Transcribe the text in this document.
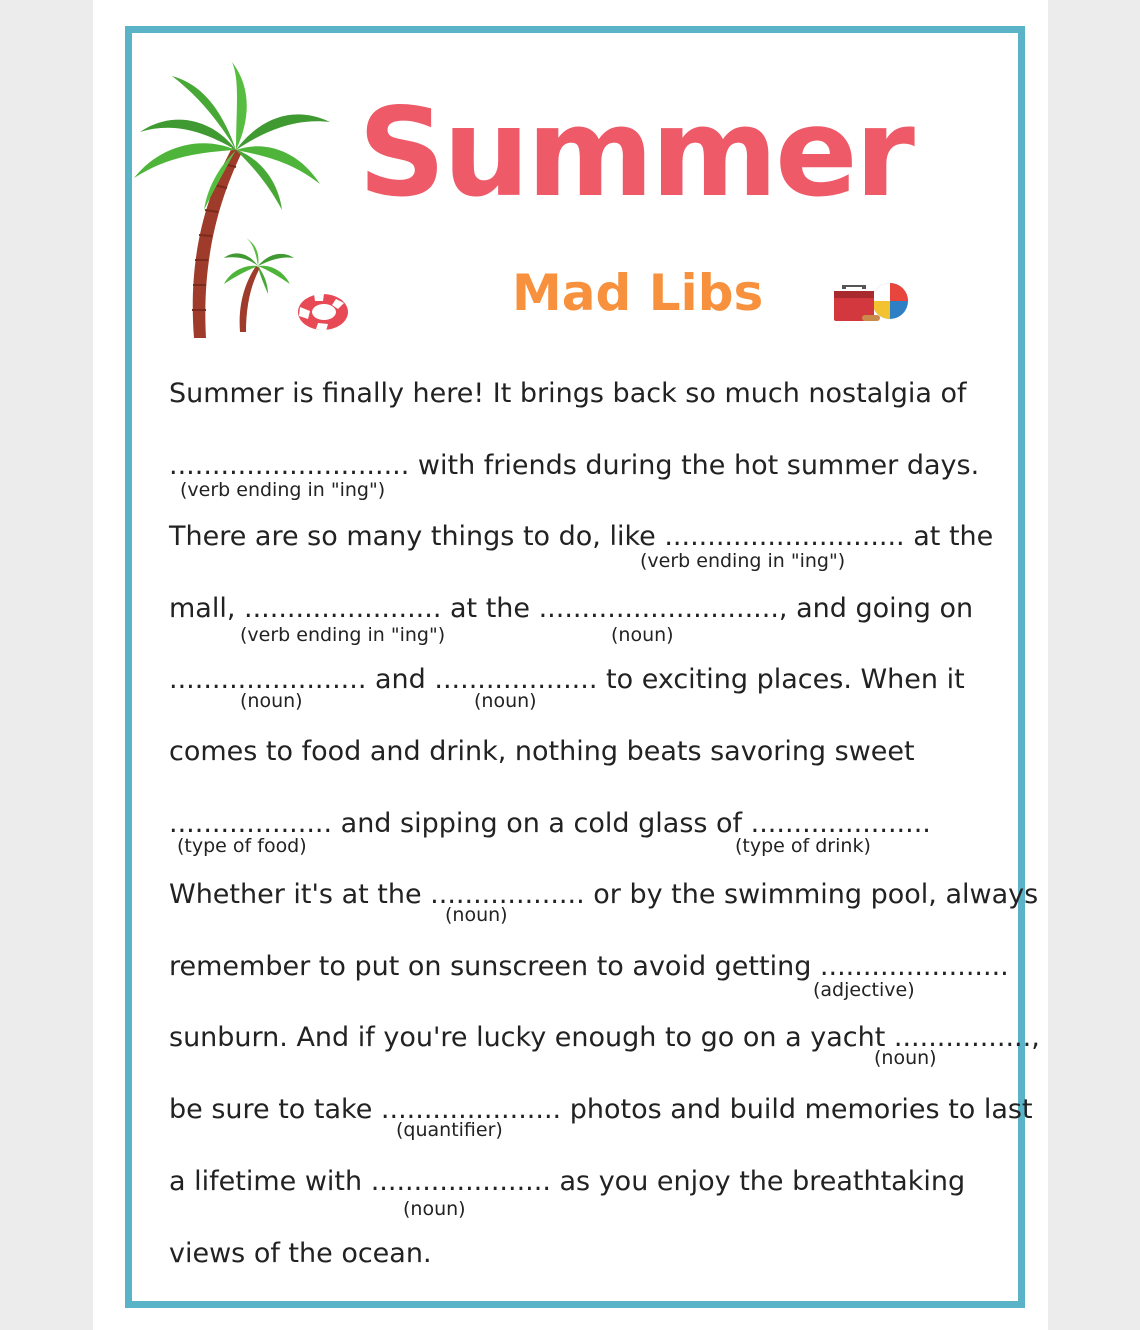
Summer
Mad Libs
Summer is finally here! It brings back so much nostalgia of
............................ with friends during the hot summer days.
(verb ending in "ing")
There are so many things to do, like ............................ at the
(verb ending in "ing")
mall, ....................... at the ............................, and going on
(verb ending in "ing")	(noun)
....................... and ................... to exciting places. When it
(noun)	(noun)
comes to food and drink, nothing beats savoring sweet
................... and sipping on a cold glass of .....................
(type of food)	(type of drink)
Whether it's at the .................. or by the swimming pool, always
(noun)
remember to put on sunscreen to avoid getting ......................
(adjective)
sunburn. And if you're lucky enough to go on a yacht ................,
(noun)
be sure to take ..................... photos and build memories to last
(quantifier)
a lifetime with ..................... as you enjoy the breathtaking
(noun)
views of the ocean.
